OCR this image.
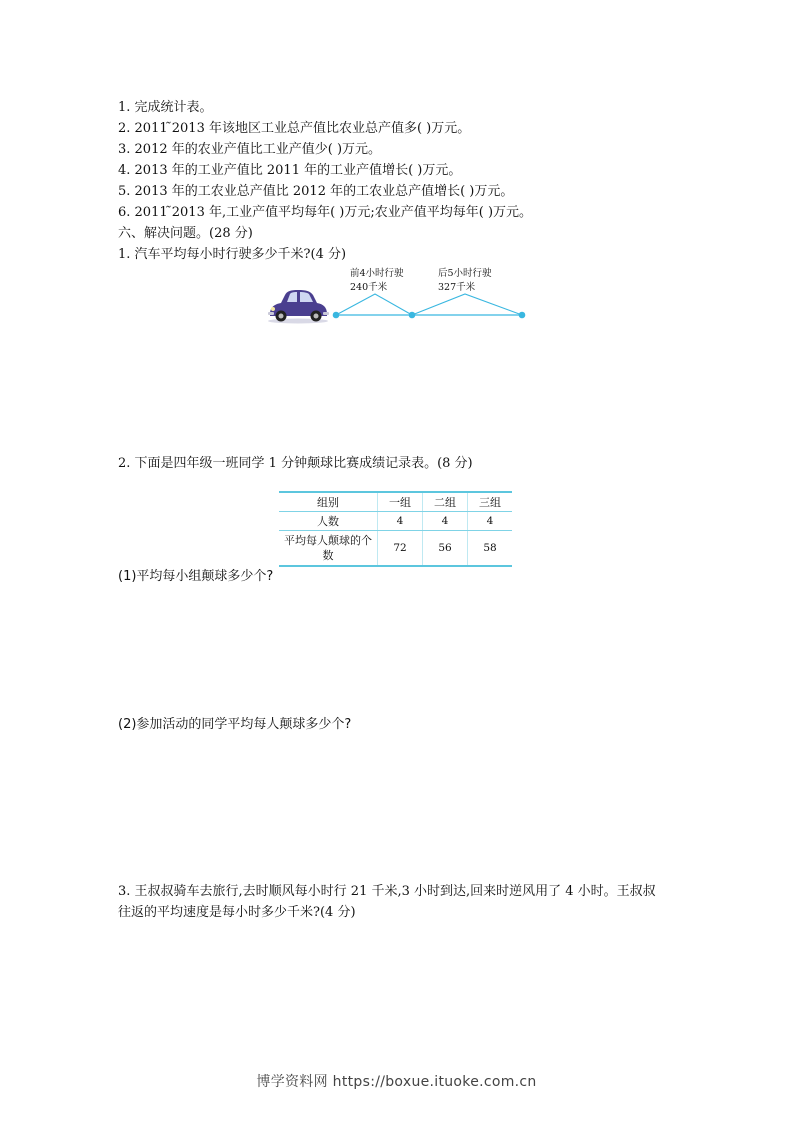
1. 完成统计表。
2. 2011 ̃2013 年该地区工业总产值比农业总产值多( )万元。
3. 2012 年的农业产值比工业产值少( )万元。
4. 2013 年的工业产值比 2011 年的工业产值增长( )万元。
5. 2013 年的工农业总产值比 2012 年的工农业总产值增长( )万元。
6. 2011 ̃2013 年,工业产值平均每年( )万元;农业产值平均每年( )万元。
六、解决问题。(28 分)
1. 汽车平均每小时行驶多少千米?(4 分)
前4小时行驶
240千米
后5小时行驶
327千米
2. 下面是四年级一班同学 1 分钟颠球比赛成绩记录表。(8 分)
组别	一组	二组	三组
人数	4	4	4
平均每人颠球的个
数	72	56	58
(1)平均每小组颠球多少个?
(2)参加活动的同学平均每人颠球多少个?
3. 王叔叔骑车去旅行,去时顺风每小时行 21 千米,3 小时到达,回来时逆风用了 4 小时。王叔叔
往返的平均速度是每小时多少千米?(4 分)
博学资料网 https://boxue.ituoke.com.cn
